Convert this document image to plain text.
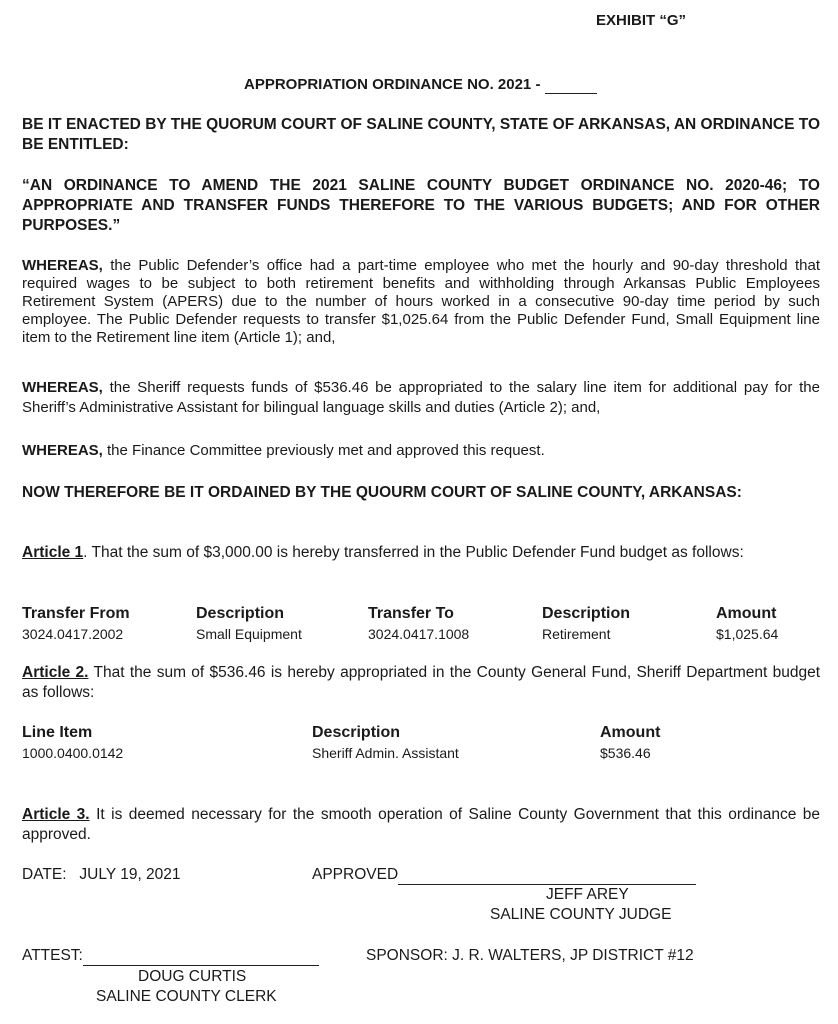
EXHIBIT “G”
APPROPRIATION ORDINANCE NO. 2021 -

BE IT ENACTED BY THE QUORUM COURT OF SALINE COUNTY, STATE OF ARKANSAS, AN ORDINANCE TO BE ENTITLED:

“AN ORDINANCE TO AMEND THE 2021 SALINE COUNTY BUDGET ORDINANCE NO. 2020-46; TO APPROPRIATE AND TRANSFER FUNDS THEREFORE TO THE VARIOUS BUDGETS; AND FOR OTHER PURPOSES.”

WHEREAS, the Public Defender’s office had a part-time employee who met the hourly and 90-day threshold that required wages to be subject to both retirement benefits and withholding through Arkansas Public Employees Retirement System (APERS) due to the number of hours worked in a consecutive 90-day time period by such employee. The Public Defender requests to transfer $1,025.64 from the Public Defender Fund, Small Equipment line item to the Retirement line item (Article 1); and,

WHEREAS, the Sheriff requests funds of $536.46 be appropriated to the salary line item for additional pay for the Sheriff’s Administrative Assistant for bilingual language skills and duties (Article 2); and,

WHEREAS, the Finance Committee previously met and approved this request.

NOW THEREFORE BE IT ORDAINED BY THE QUOURM COURT OF SALINE COUNTY, ARKANSAS:

Article 1. That the sum of $3,000.00 is hereby transferred in the Public Defender Fund budget as follows:

Transfer From	Description	Transfer To	Description	Amount
3024.0417.2002	Small Equipment	3024.0417.1008	Retirement	$1,025.64

Article 2. That the sum of $536.46 is hereby appropriated in the County General Fund, Sheriff Department budget as follows:

Line Item	Description	Amount
1000.0400.0142	Sheriff Admin. Assistant	$536.46

Article 3. It is deemed necessary for the smooth operation of Saline County Government that this ordinance be approved.

DATE: JULY 19, 2021	APPROVED
JEFF AREY
SALINE COUNTY JUDGE
ATTEST:	SPONSOR: J. R. WALTERS, JP DISTRICT #12
DOUG CURTIS
SALINE COUNTY CLERK
